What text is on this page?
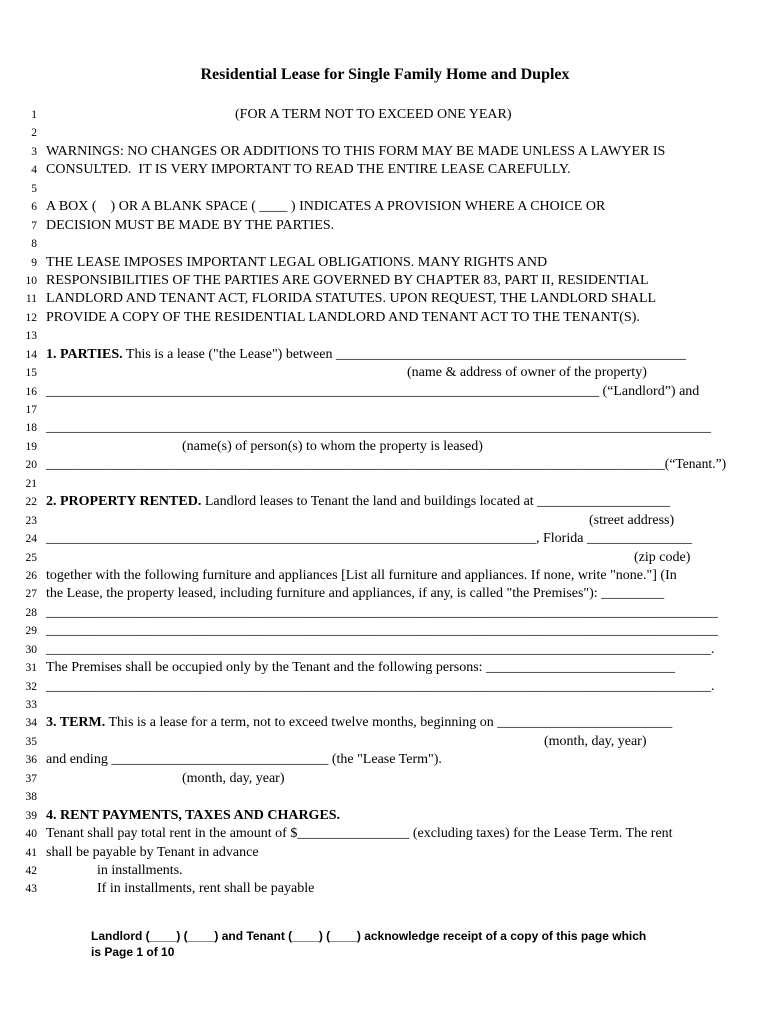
Residential Lease for Single Family Home and Duplex
1	(FOR A TERM NOT TO EXCEED ONE YEAR)
2
3 WARNINGS: NO CHANGES OR ADDITIONS TO THIS FORM MAY BE MADE UNLESS A LAWYER IS
4 CONSULTED.  IT IS VERY IMPORTANT TO READ THE ENTIRE LEASE CAREFULLY.
5
6 A BOX (    ) OR A BLANK SPACE ( ____ ) INDICATES A PROVISION WHERE A CHOICE OR
7 DECISION MUST BE MADE BY THE PARTIES.
8
9 THE LEASE IMPOSES IMPORTANT LEGAL OBLIGATIONS. MANY RIGHTS AND
10 RESPONSIBILITIES OF THE PARTIES ARE GOVERNED BY CHAPTER 83, PART II, RESIDENTIAL
11 LANDLORD AND TENANT ACT, FLORIDA STATUTES. UPON REQUEST, THE LANDLORD SHALL
12 PROVIDE A COPY OF THE RESIDENTIAL LANDLORD AND TENANT ACT TO THE TENANT(S).
13
14 1. PARTIES. This is a lease ("the Lease") between __________________________________________________
15	(name & address of owner of the property)
16 _______________________________________________________________________________ (“Landlord”) and
17
18 _______________________________________________________________________________________________
19	(name(s) of person(s) to whom the property is leased)
20 ___________________________________________________________________________________________(“Tenant.”)
21
22 2. PROPERTY RENTED. Landlord leases to Tenant the land and buildings located at ___________________
23	(street address)
24 ______________________________________________________________________, Florida _______________
25	(zip code)
26 together with the following furniture and appliances [List all furniture and appliances. If none, write "none."] (In
27 the Lease, the property leased, including furniture and appliances, if any, is called "the Premises"): _________
28 ________________________________________________________________________________________________
29 ________________________________________________________________________________________________
30 _______________________________________________________________________________________________.
31 The Premises shall be occupied only by the Tenant and the following persons: ___________________________
32 _______________________________________________________________________________________________.
33
34 3. TERM. This is a lease for a term, not to exceed twelve months, beginning on _________________________
35	(month, day, year)
36 and ending _______________________________ (the "Lease Term").
37	(month, day, year)
38
39 4. RENT PAYMENTS, TAXES AND CHARGES.
40 Tenant shall pay total rent in the amount of $________________ (excluding taxes) for the Lease Term. The rent
41 shall be payable by Tenant in advance
42	in installments.
43	If in installments, rent shall be payable
Landlord (____) (____) and Tenant (____) (____) acknowledge receipt of a copy of this page which
is Page 1 of 10
